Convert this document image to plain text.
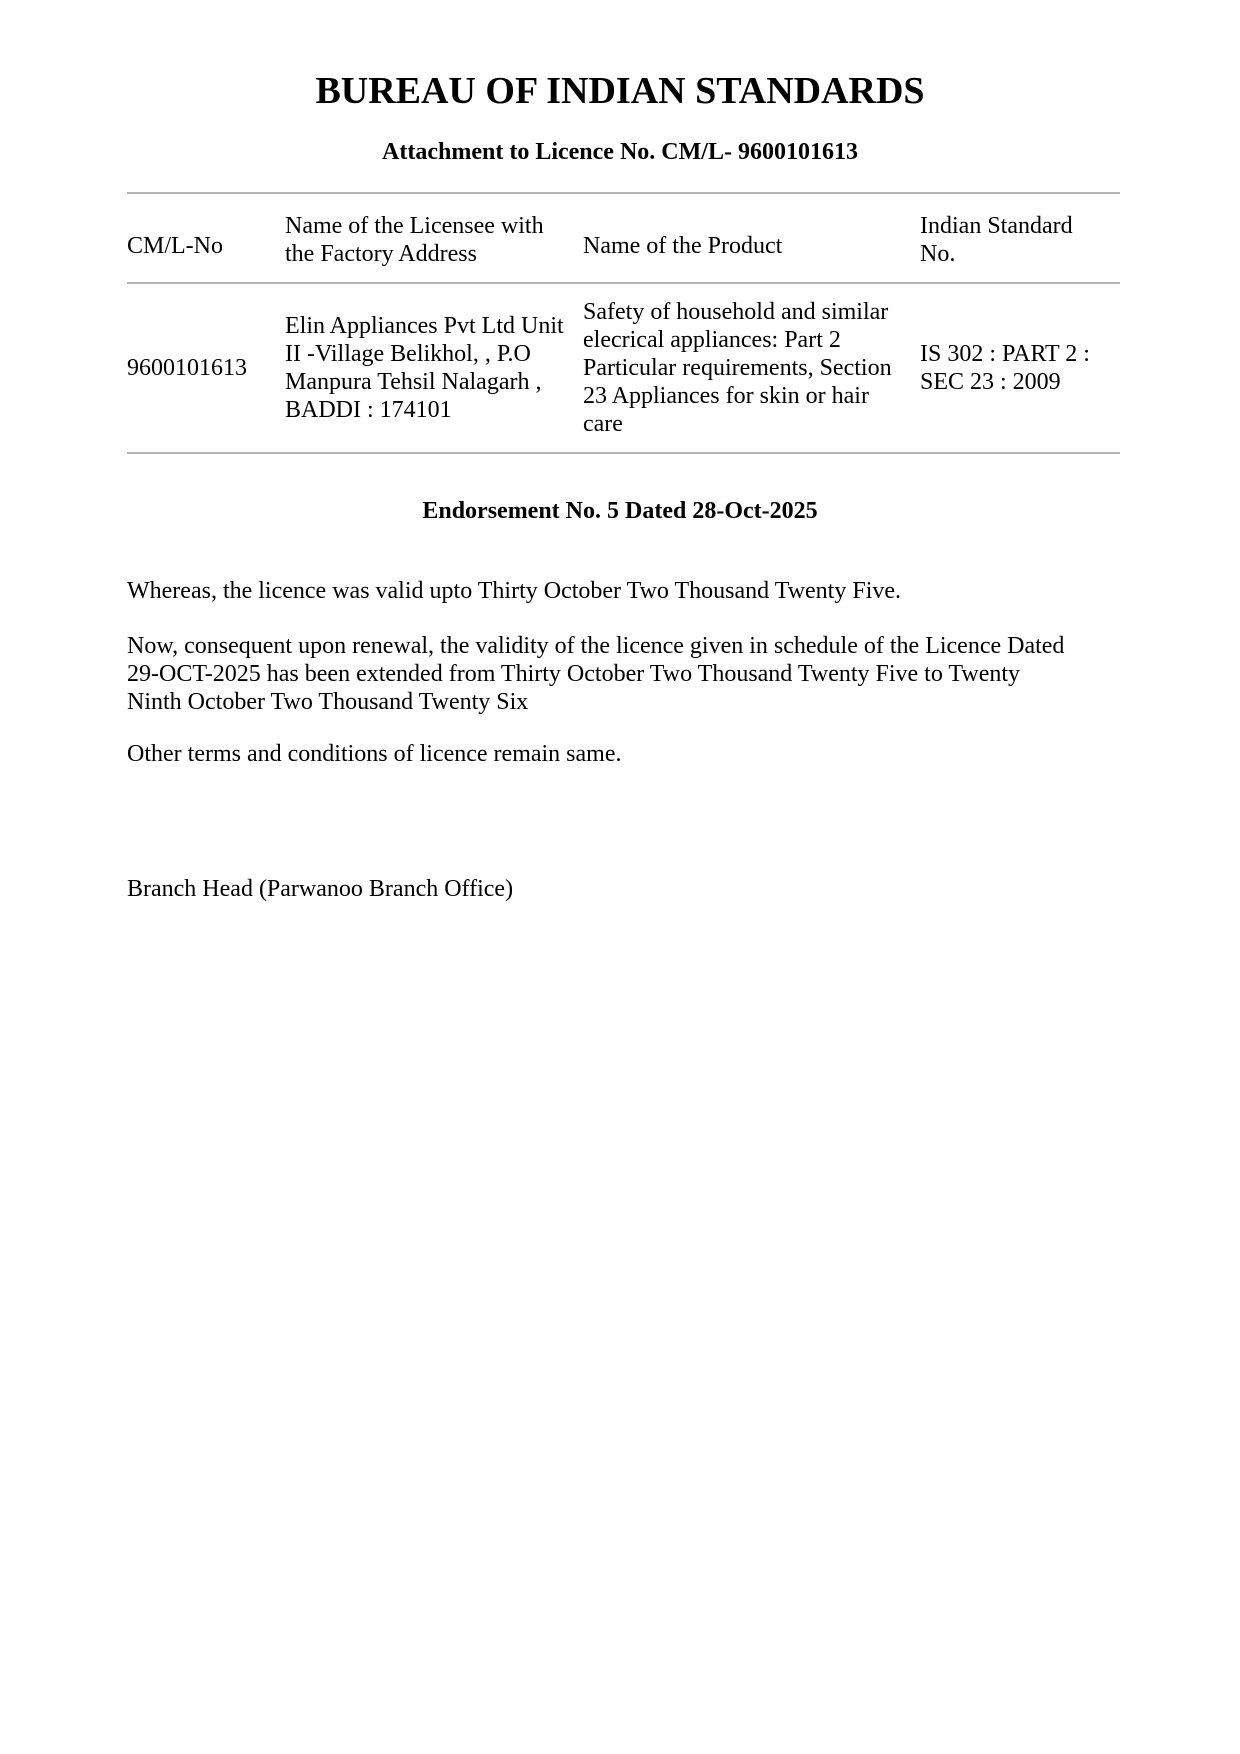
BUREAU OF INDIAN STANDARDS
Attachment to Licence No. CM/L- 9600101613
CM/L-No
Name of the Licensee with
the Factory Address	Name of the Product
Indian Standard
No.
9600101613
Elin Appliances Pvt Ltd Unit
II -Village Belikhol, , P.O
Manpura Tehsil Nalagarh ,
BADDI : 174101
Safety of household and similar
elecrical appliances: Part 2
Particular requirements, Section
23 Appliances for skin or hair
care
IS 302 : PART 2 :
SEC 23 : 2009
Endorsement No. 5 Dated 28-Oct-2025
Whereas, the licence was valid upto Thirty October Two Thousand Twenty Five.
Now, consequent upon renewal, the validity of the licence given in schedule of the Licence Dated
29-OCT-2025 has been extended from Thirty October Two Thousand Twenty Five to Twenty
Ninth October Two Thousand Twenty Six
Other terms and conditions of licence remain same.
Branch Head (Parwanoo Branch Office)
